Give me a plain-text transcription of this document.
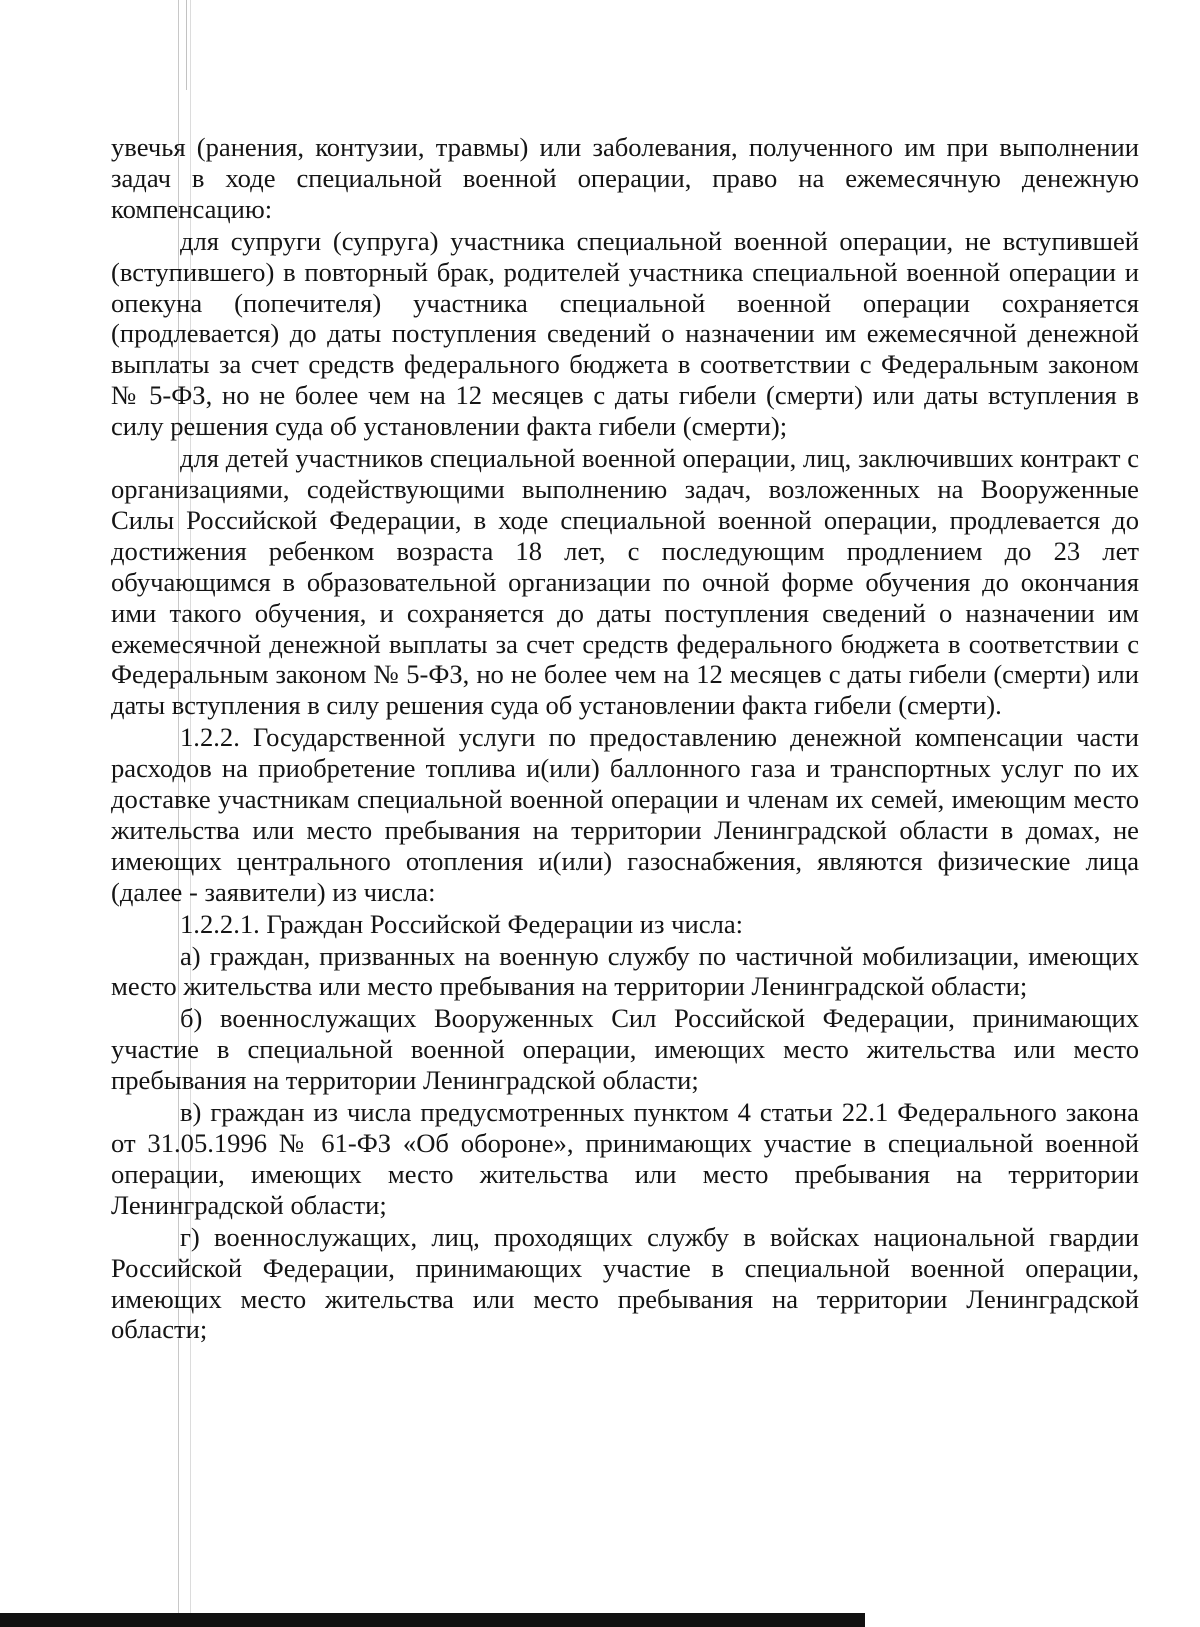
увечья (ранения, контузии, травмы) или заболевания, полученного им при выполнении задач в ходе специальной военной операции, право на ежемесячную денежную компенсацию:

для супруги (супруга) участника специальной военной операции, не вступившей (вступившего) в повторный брак, родителей участника специальной военной операции и опекуна (попечителя) участника специальной военной операции сохраняется (продлевается) до даты поступления сведений о назначении им ежемесячной денежной выплаты за счет средств федерального бюджета в соответствии с Федеральным законом № 5-ФЗ, но не более чем на 12 месяцев с даты гибели (смерти) или даты вступления в силу решения суда об установлении факта гибели (смерти);

для детей участников специальной военной операции, лиц, заключивших контракт с организациями, содействующими выполнению задач, возложенных на Вооруженные Силы Российской Федерации, в ходе специальной военной операции, продлевается до достижения ребенком возраста 18 лет, с последующим продлением до 23 лет обучающимся в образовательной организации по очной форме обучения до окончания ими такого обучения, и сохраняется до даты поступления сведений о назначении им ежемесячной денежной выплаты за счет средств федерального бюджета в соответствии с Федеральным законом № 5-ФЗ, но не более чем на 12 месяцев с даты гибели (смерти) или даты вступления в силу решения суда об установлении факта гибели (смерти).

1.2.2. Государственной услуги по предоставлению денежной компенсации части расходов на приобретение топлива и(или) баллонного газа и транспортных услуг по их доставке участникам специальной военной операции и членам их семей, имеющим место жительства или место пребывания на территории Ленинградской области в домах, не имеющих центрального отопления и(или) газоснабжения, являются физические лица (далее - заявители) из числа:

1.2.2.1. Граждан Российской Федерации из числа:

а) граждан, призванных на военную службу по частичной мобилизации, имеющих место жительства или место пребывания на территории Ленинградской области;

б) военнослужащих Вооруженных Сил Российской Федерации, принимающих участие в специальной военной операции, имеющих место жительства или место пребывания на территории Ленинградской области;

в) граждан из числа предусмотренных пунктом 4 статьи 22.1 Федерального закона от 31.05.1996 № 61-ФЗ «Об обороне», принимающих участие в специальной военной операции, имеющих место жительства или место пребывания на территории Ленинградской области;

г) военнослужащих, лиц, проходящих службу в войсках национальной гвардии Российской Федерации, принимающих участие в специальной военной операции, имеющих место жительства или место пребывания на территории Ленинградской области;
